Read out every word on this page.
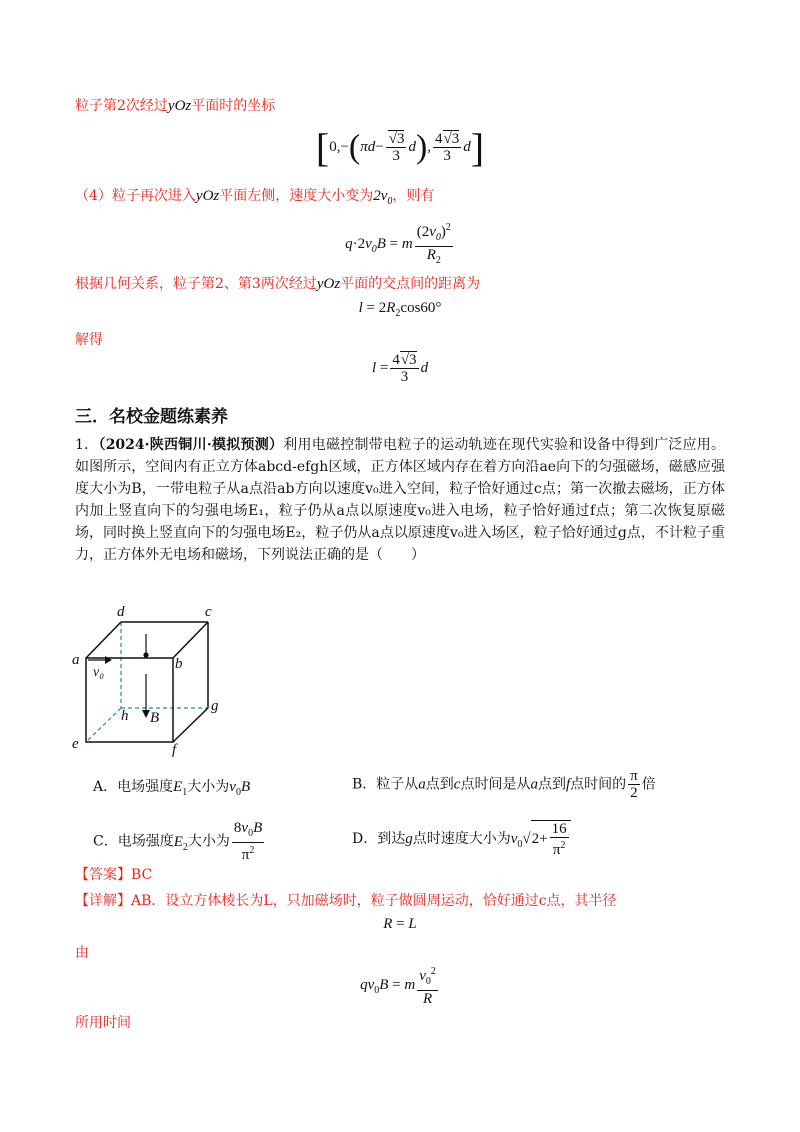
粒子第2次经过yOz平面时的坐标
[$0,-(\pi d- \frac{√3}{3} d)$, $\frac{4√3}{3} d$]
（4）粒子再次进入yOz平面左侧，速度大小变为$2v_0$，则有
$q\cdot 2v_0B = m \frac{(2v_0)^2}{R_2}$
根据几何关系，粒子第2、第3两次经过yOz平面的交点间的距离为
$l = 2R_2\cos 60^\circ$
解得
$l = \frac{4√3}{3}$ d
三．名校金题练素养
1．（2024·陕西铜川·模拟预测）利用电磁控制带电粒子的运动轨迹在现代实验和设备中得到广泛应用。如图所示，空间内有正立方体abcd-efgh区域，正方体区域内存在着方向沿ae向下的匀强磁场，磁感应强度大小为B，一带电粒子从a点沿ab方向以速度v₀进入空间，粒子恰好通过c点；第一次撤去磁场，正方体内加上竖直向下的匀强电场E₁，粒子仍从a点以原速度v₀进入电场，粒子恰好通过f点；第二次恢复原磁场，同时换上竖直向下的匀强电场E₂，粒子仍从a点以原速度v₀进入场区，粒子恰好通过g点，不计粒子重力，正方体外无电场和磁场，下列说法正确的是（　　）
d	c
a	b
g
h
e	f
v₀
B
A．电场强度$E_1$大小为$v_0B$	B．粒子从a点到c点时间是从a点到f点时间的 $\frac{\pi}{2}$ 倍
C．电场强度$E_2$大小为 $\frac{8v_0B}{\pi^2}$	D．到达g点时速度大小为$v_0√2+ \frac{16}{\pi^2}$
【答案】BC
【详解】AB．设立方体棱长为L，只加磁场时，粒子做圆周运动，恰好通过c点，其半径
R = L
由
$qv_0B = m \frac{v_0^2}{R}$
所用时间
